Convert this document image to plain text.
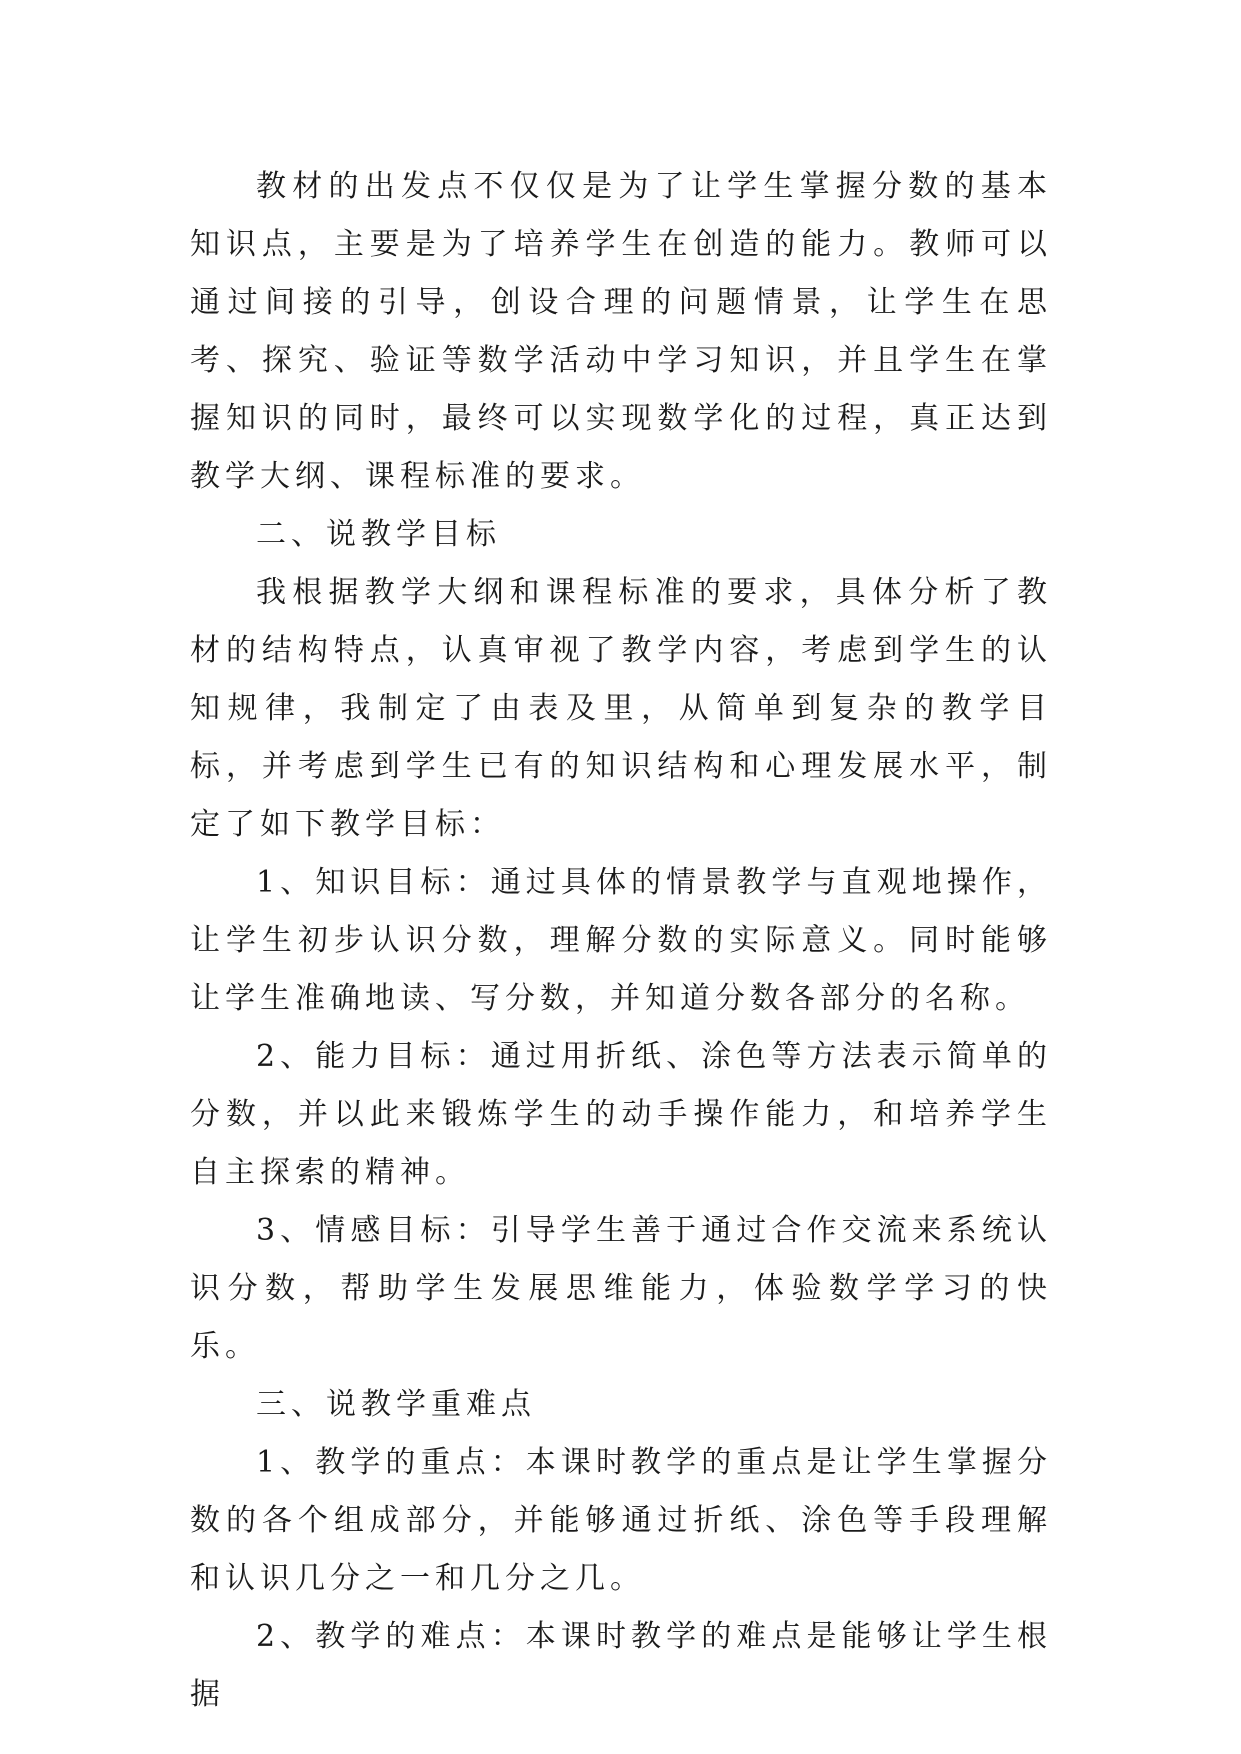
教材的出发点不仅仅是为了让学生掌握分数的基本知识点，主要是为了培养学生在创造的能力。教师可以通过间接的引导，创设合理的问题情景，让学生在思考、探究、验证等数学活动中学习知识，并且学生在掌握知识的同时，最终可以实现数学化的过程，真正达到教学大纲、课程标准的要求。

二、说教学目标

我根据教学大纲和课程标准的要求，具体分析了教材的结构特点，认真审视了教学内容，考虑到学生的认知规律，我制定了由表及里，从简单到复杂的教学目标，并考虑到学生已有的知识结构和心理发展水平，制定了如下教学目标：

1、知识目标：通过具体的情景教学与直观地操作，让学生初步认识分数，理解分数的实际意义。同时能够让学生准确地读、写分数，并知道分数各部分的名称。

2、能力目标：通过用折纸、涂色等方法表示简单的分数，并以此来锻炼学生的动手操作能力，和培养学生自主探索的精神。

3、情感目标：引导学生善于通过合作交流来系统认识分数，帮助学生发展思维能力，体验数学学习的快乐。

三、说教学重难点

1、教学的重点：本课时教学的重点是让学生掌握分数的各个组成部分，并能够通过折纸、涂色等手段理解和认识几分之一和几分之几。

2、教学的难点：本课时教学的难点是能够让学生根据
